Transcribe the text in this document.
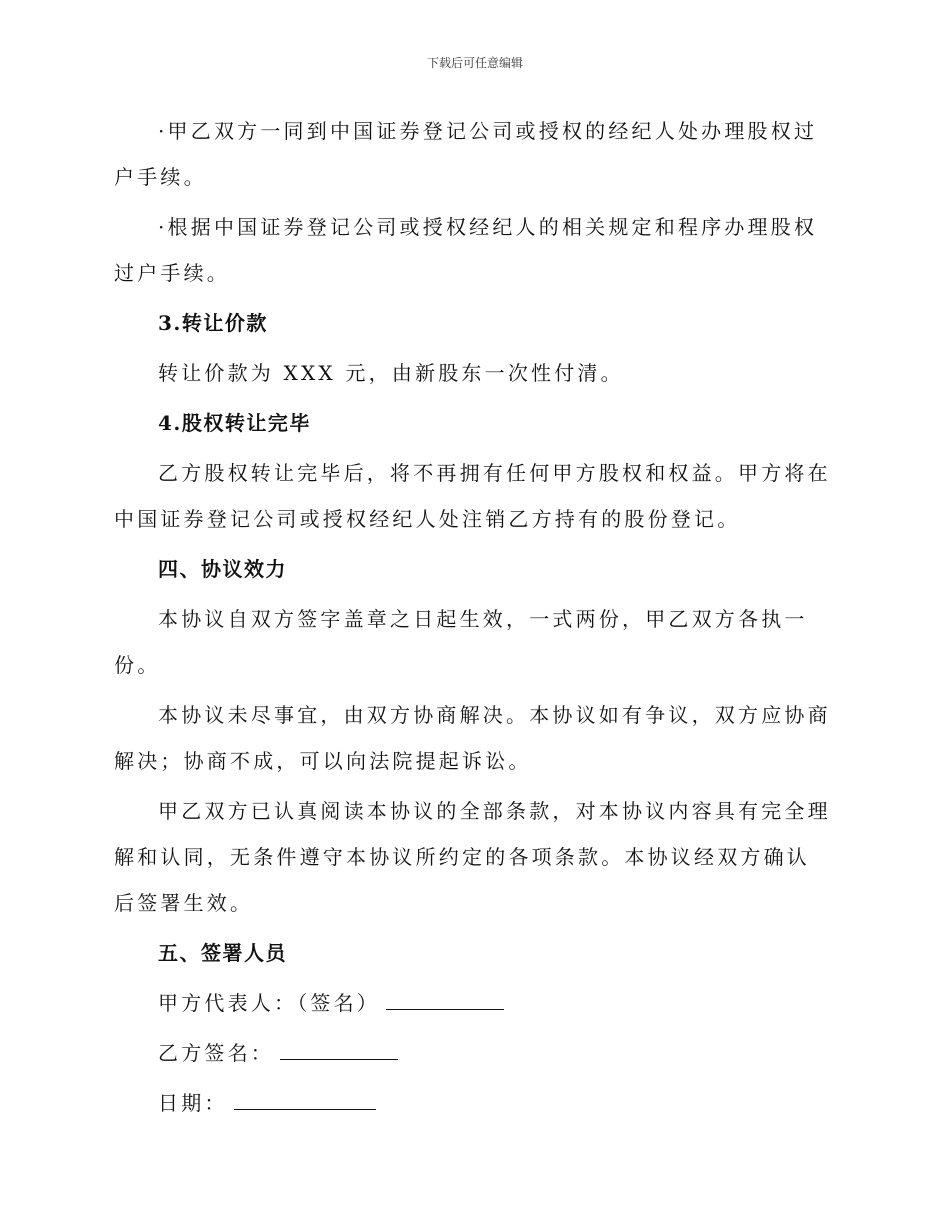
下载后可任意编辑

·甲乙双方一同到中国证券登记公司或授权的经纪人处办理股权过户手续。

·根据中国证券登记公司或授权经纪人的相关规定和程序办理股权过户手续。

3.转让价款

转让价款为 XXX 元，由新股东一次性付清。

4.股权转让完毕

乙方股权转让完毕后，将不再拥有任何甲方股权和权益。甲方将在中国证券登记公司或授权经纪人处注销乙方持有的股份登记。

四、协议效力

本协议自双方签字盖章之日起生效，一式两份，甲乙双方各执一份。

本协议未尽事宜，由双方协商解决。本协议如有争议，双方应协商解决；协商不成，可以向法院提起诉讼。

甲乙双方已认真阅读本协议的全部条款，对本协议内容具有完全理解和认同，无条件遵守本协议所约定的各项条款。本协议经双方确认后签署生效。

五、签署人员

甲方代表人：（签名）
乙方签名：
日期：
